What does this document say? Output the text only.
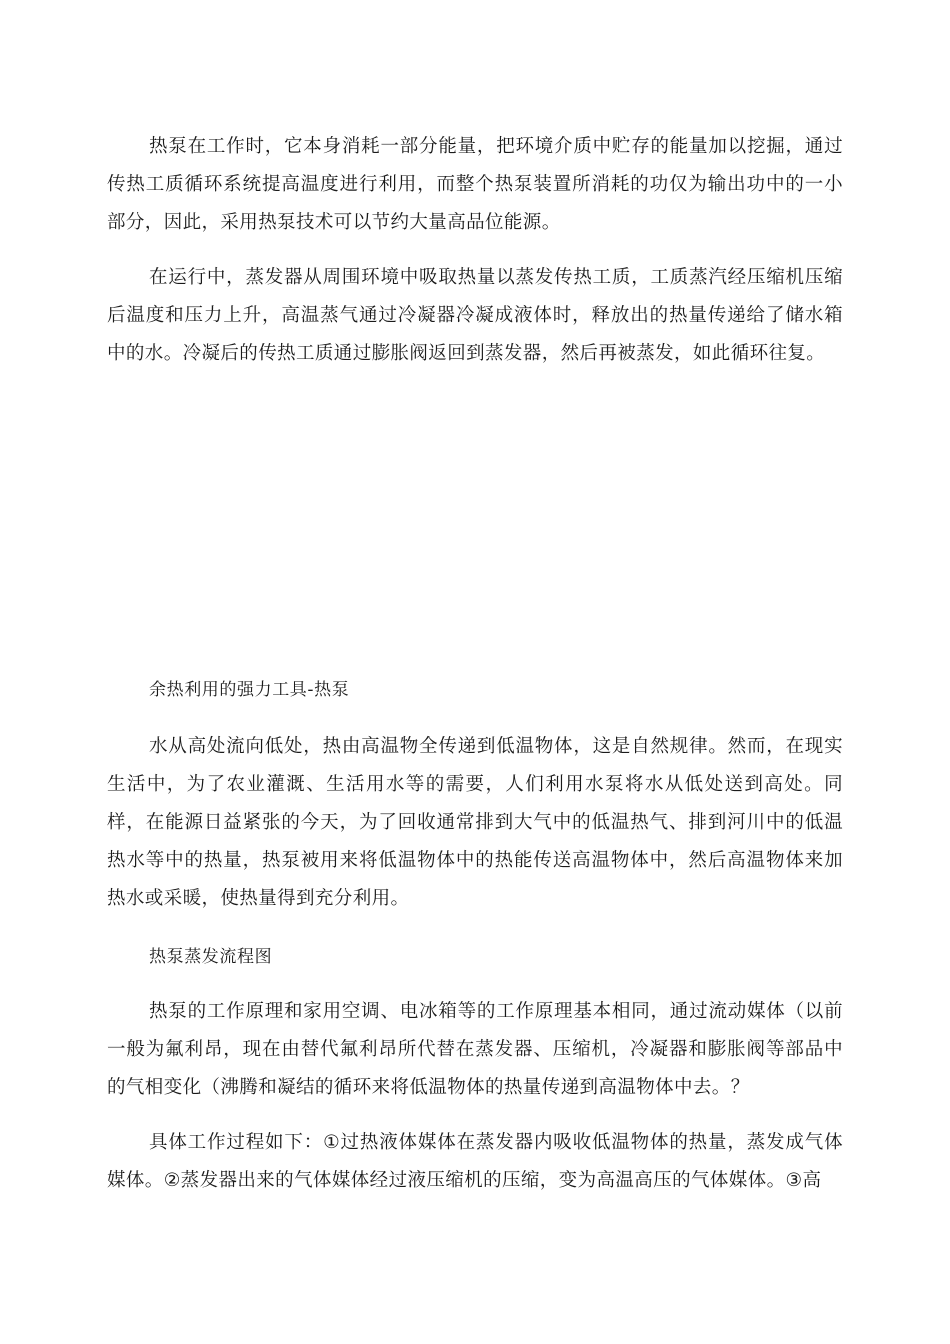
热泵在工作时，它本身消耗一部分能量，把环境介质中贮存的能量加以挖掘，通过传热工质循环系统提高温度进行利用，而整个热泵装置所消耗的功仅为输出功中的一小部分，因此，采用热泵技术可以节约大量高品位能源。

在运行中，蒸发器从周围环境中吸取热量以蒸发传热工质，工质蒸汽经压缩机压缩后温度和压力上升，高温蒸气通过冷凝器冷凝成液体时，释放出的热量传递给了储水箱中的水。冷凝后的传热工质通过膨胀阀返回到蒸发器，然后再被蒸发，如此循环往复。

余热利用的强力工具-热泵

水从高处流向低处，热由高温物全传递到低温物体，这是自然规律。然而，在现实生活中，为了农业灌溉、生活用水等的需要，人们利用水泵将水从低处送到高处。同样，在能源日益紧张的今天，为了回收通常排到大气中的低温热气、排到河川中的低温热水等中的热量，热泵被用来将低温物体中的热能传送高温物体中，然后高温物体来加热水或采暖，使热量得到充分利用。

热泵蒸发流程图

热泵的工作原理和家用空调、电冰箱等的工作原理基本相同，通过流动媒体（以前一般为氟利昂，现在由替代氟利昂所代替在蒸发器、压缩机，冷凝器和膨胀阀等部品中的气相变化（沸腾和凝结的循环来将低温物体的热量传递到高温物体中去。？

具体工作过程如下：①过热液体媒体在蒸发器内吸收低温物体的热量，蒸发成气体媒体。②蒸发器出来的气体媒体经过液压缩机的压缩，变为高温高压的气体媒体。③高
